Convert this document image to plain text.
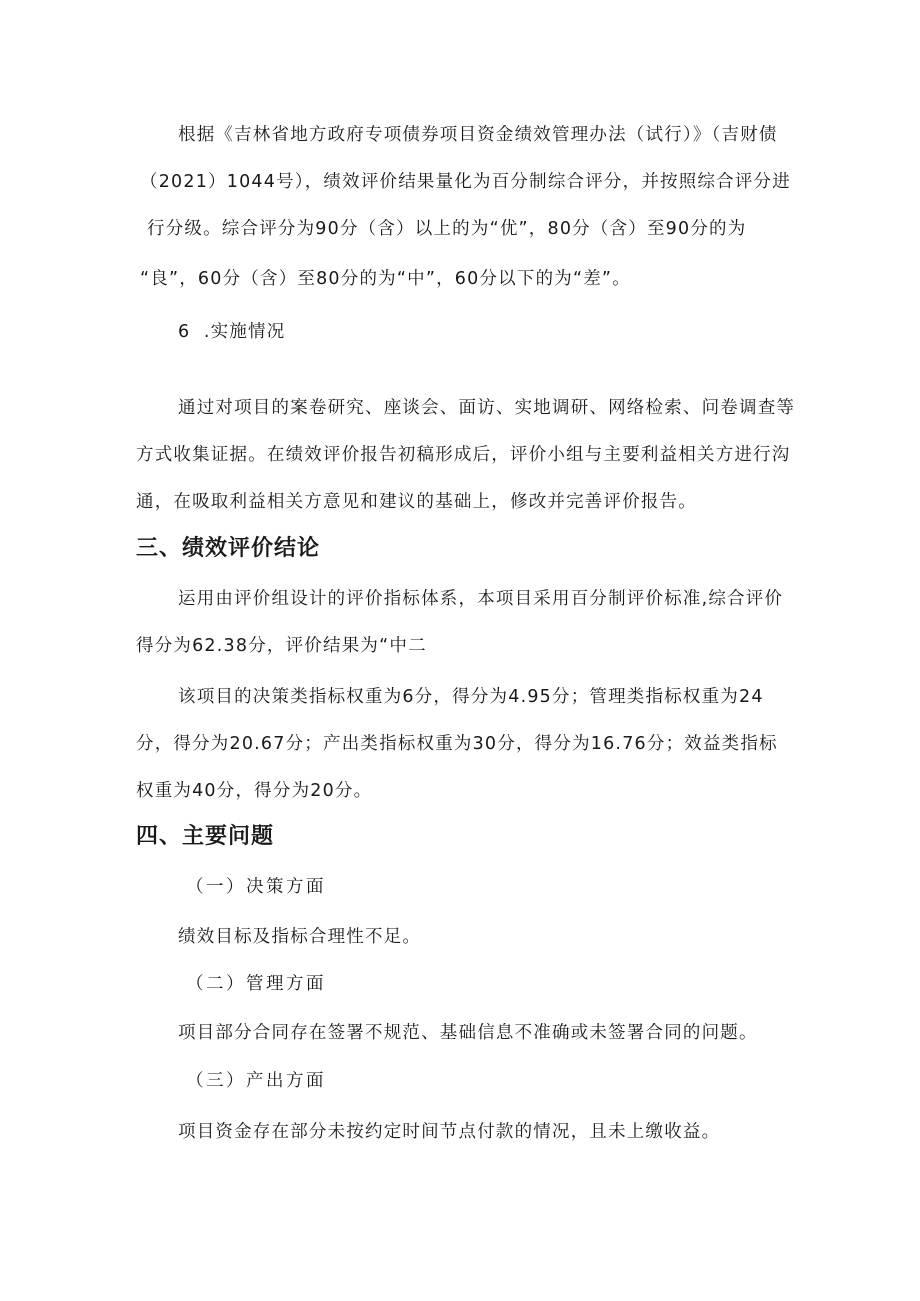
根据《吉林省地方政府专项债券项目资金绩效管理办法（试行）》（吉财债

（2021）1044号），绩效评价结果量化为百分制综合评分，并按照综合评分进

行分级。综合评分为90分（含）以上的为“优”，80分（含）至90分的为

“良”，60分（含）至80分的为“中”，60分以下的为“差”。

6  .实施情况

通过对项目的案卷研究、座谈会、面访、实地调研、网络检索、问卷调查等

方式收集证据。在绩效评价报告初稿形成后，评价小组与主要利益相关方进行沟

通，在吸取利益相关方意见和建议的基础上，修改并完善评价报告。

三、绩效评价结论

运用由评价组设计的评价指标体系，本项目采用百分制评价标准,综合评价

得分为62.38分，评价结果为“中二

该项目的决策类指标权重为6分，得分为4.95分；管理类指标权重为24

分，得分为20.67分；产出类指标权重为30分，得分为16.76分；效益类指标

权重为40分，得分为20分。

四、主要问题

（一）决策方面

绩效目标及指标合理性不足。

（二）管理方面

项目部分合同存在签署不规范、基础信息不准确或未签署合同的问题。

（三）产出方面

项目资金存在部分未按约定时间节点付款的情况，且未上缴收益。
